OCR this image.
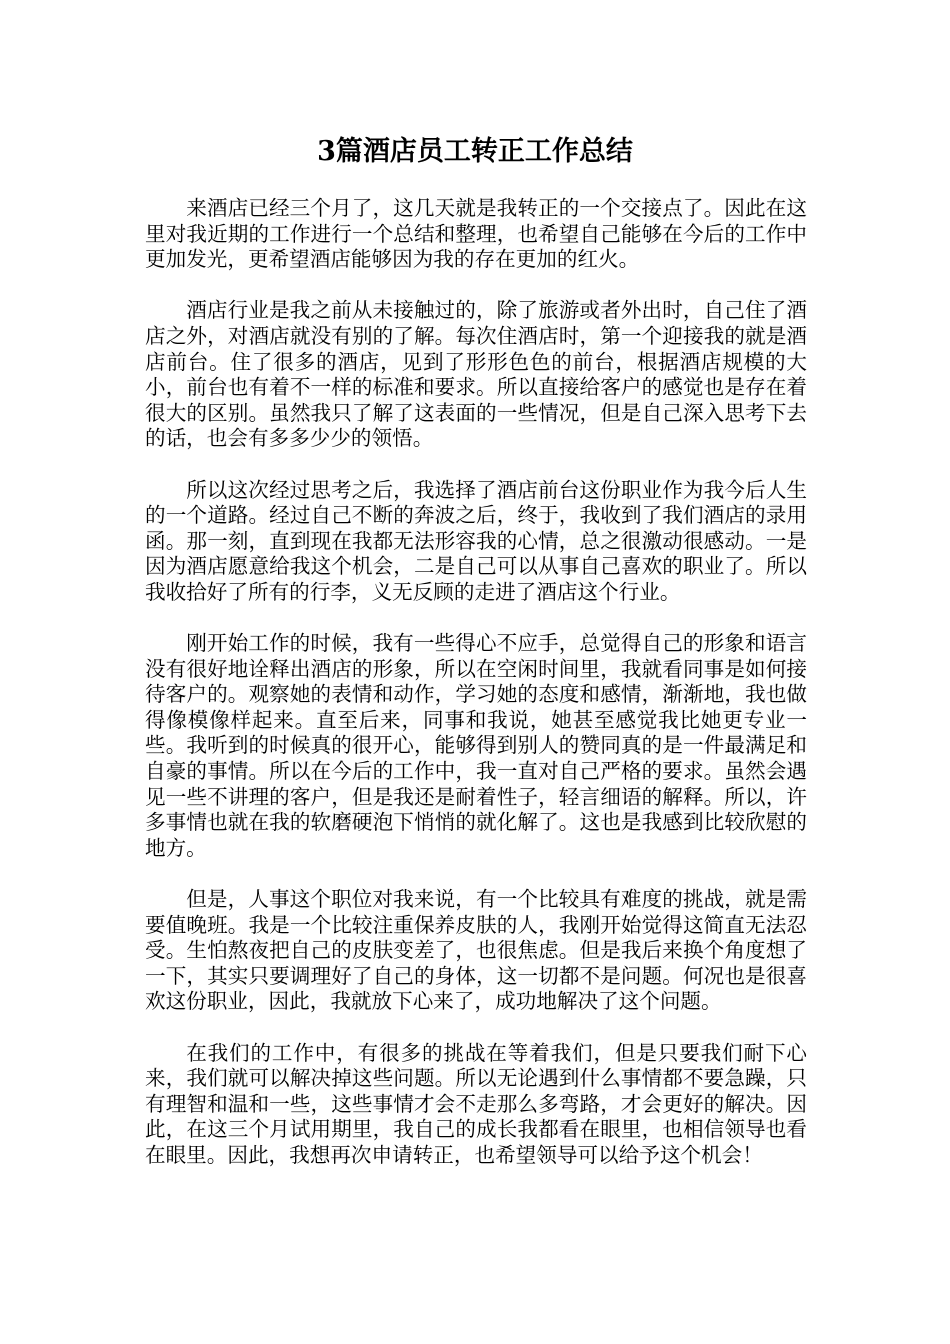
3篇酒店员工转正工作总结

来酒店已经三个月了，这几天就是我转正的一个交接点了。因此在这里对我近期的工作进行一个总结和整理，也希望自己能够在今后的工作中更加发光，更希望酒店能够因为我的存在更加的红火。

酒店行业是我之前从未接触过的，除了旅游或者外出时，自己住了酒店之外，对酒店就没有别的了解。每次住酒店时，第一个迎接我的就是酒店前台。住了很多的酒店，见到了形形色色的前台，根据酒店规模的大小，前台也有着不一样的标准和要求。所以直接给客户的感觉也是存在着很大的区别。虽然我只了解了这表面的一些情况，但是自己深入思考下去的话，也会有多多少少的领悟。

所以这次经过思考之后，我选择了酒店前台这份职业作为我今后人生的一个道路。经过自己不断的奔波之后，终于，我收到了我们酒店的录用函。那一刻，直到现在我都无法形容我的心情，总之很激动很感动。一是因为酒店愿意给我这个机会，二是自己可以从事自己喜欢的职业了。所以我收拾好了所有的行李，义无反顾的走进了酒店这个行业。

刚开始工作的时候，我有一些得心不应手，总觉得自己的形象和语言没有很好地诠释出酒店的形象，所以在空闲时间里，我就看同事是如何接待客户的。观察她的表情和动作，学习她的态度和感情，渐渐地，我也做得像模像样起来。直至后来，同事和我说，她甚至感觉我比她更专业一些。我听到的时候真的很开心，能够得到别人的赞同真的是一件最满足和自豪的事情。所以在今后的工作中，我一直对自己严格的要求。虽然会遇见一些不讲理的客户，但是我还是耐着性子，轻言细语的解释。所以，许多事情也就在我的软磨硬泡下悄悄的就化解了。这也是我感到比较欣慰的地方。

但是，人事这个职位对我来说，有一个比较具有难度的挑战，就是需要值晚班。我是一个比较注重保养皮肤的人，我刚开始觉得这简直无法忍受。生怕熬夜把自己的皮肤变差了，也很焦虑。但是我后来换个角度想了一下，其实只要调理好了自己的身体，这一切都不是问题。何况也是很喜欢这份职业，因此，我就放下心来了，成功地解决了这个问题。

在我们的工作中，有很多的挑战在等着我们，但是只要我们耐下心来，我们就可以解决掉这些问题。所以无论遇到什么事情都不要急躁，只有理智和温和一些，这些事情才会不走那么多弯路，才会更好的解决。因此，在这三个月试用期里，我自己的成长我都看在眼里，也相信领导也看在眼里。因此，我想再次申请转正，也希望领导可以给予这个机会！
